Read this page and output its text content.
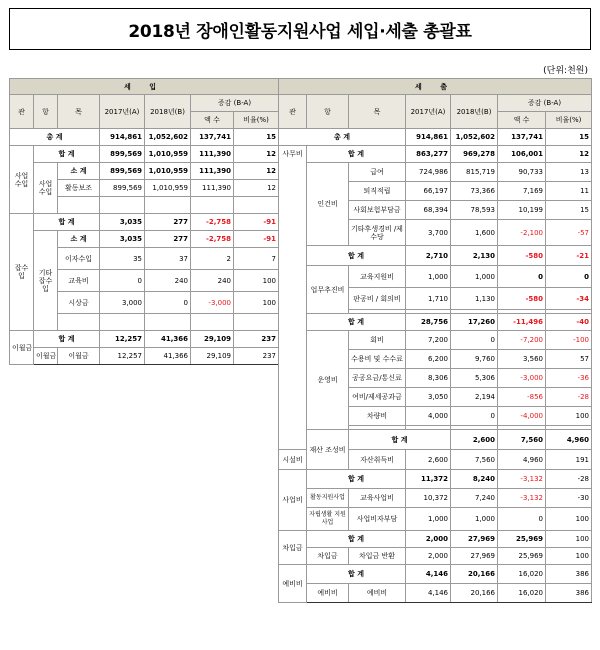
2018년 장애인활동지원사업 세입·세출 총괄표
(단위:천원)
세 입						
관	항	목	2017년(A)	2018년(B)	증감 (B-A)	
					액 수	비율(%)
총 계			914,861	1,052,602	137,741	15
사업수입	합 계		899,569	1,010,959	111,390	12
	사업수입	소 계	899,569	1,010,959	111,390	12
		활동보조	899,569	1,010,959	111,390	12

잡수입	합 계		3,035	277	-2,758	-91
	기타잡수입	소 계	3,035	277	-2,758	-91
		이자수입	35	37	2	7
		교육비	0	240	240	100
		시상금	3,000	0	-3,000	100

이월금	합 계		12,257	41,366	29,109	237
	이월금	이월금	12,257	41,366	29,109	237
세 출							
관	항	목	2017년(A)	2018년(B)	증감 (B-A)		
					액 수	비율(%)	
총 계			914,861	1,052,602	137,741	15	
사무비	합 계		863,277	969,278	106,001	12	
	인건비	급여	724,986	815,719	90,733	13	
		퇴직적립	66,197	73,366	7,169	11	
		사회보험부담금	68,394	78,593	10,199	15	
		기타후생경비 /제수당	3,700	1,600	-2,100	-57	
	합 계		2,710	2,130	-580	-21	
	업무추진비	교육지원비	1,000	1,000	0	0	
		판공비 / 회의비	1,710	1,130	-580	-34	

	합 계		28,756	17,260	-11,496	-40	
	운영비	회비	7,200	0	-7,200	-100	
		수용비 및 수수료	6,200	9,760	3,560	57	
		공공요금/통신료	8,306	5,306	-3,000	-36	
		여비/제세공과금	3,050	2,194	-856	-28	
		차량비	4,000	0	-4,000	100	

	재산 조성비	합 계		2,600	7,560	4,960	
시설비		자산취득비	2,600	7,560	4,960	191	
사업비	합 계		11,372	8,240	-3,132	-28	
	활동지원사업	교육사업비	10,372	7,240	-3,132	-30	
	자립생활 지원사업	사업비자부담	1,000	1,000	0	100	
차입금	합 계		2,000	27,969	25,969	100	
	차입금	차입금 반환	2,000	27,969	25,969	100	
예비비	합 계		4,146	20,166	16,020	386	
	예비비	예비비	4,146	20,166	16,020	386	
